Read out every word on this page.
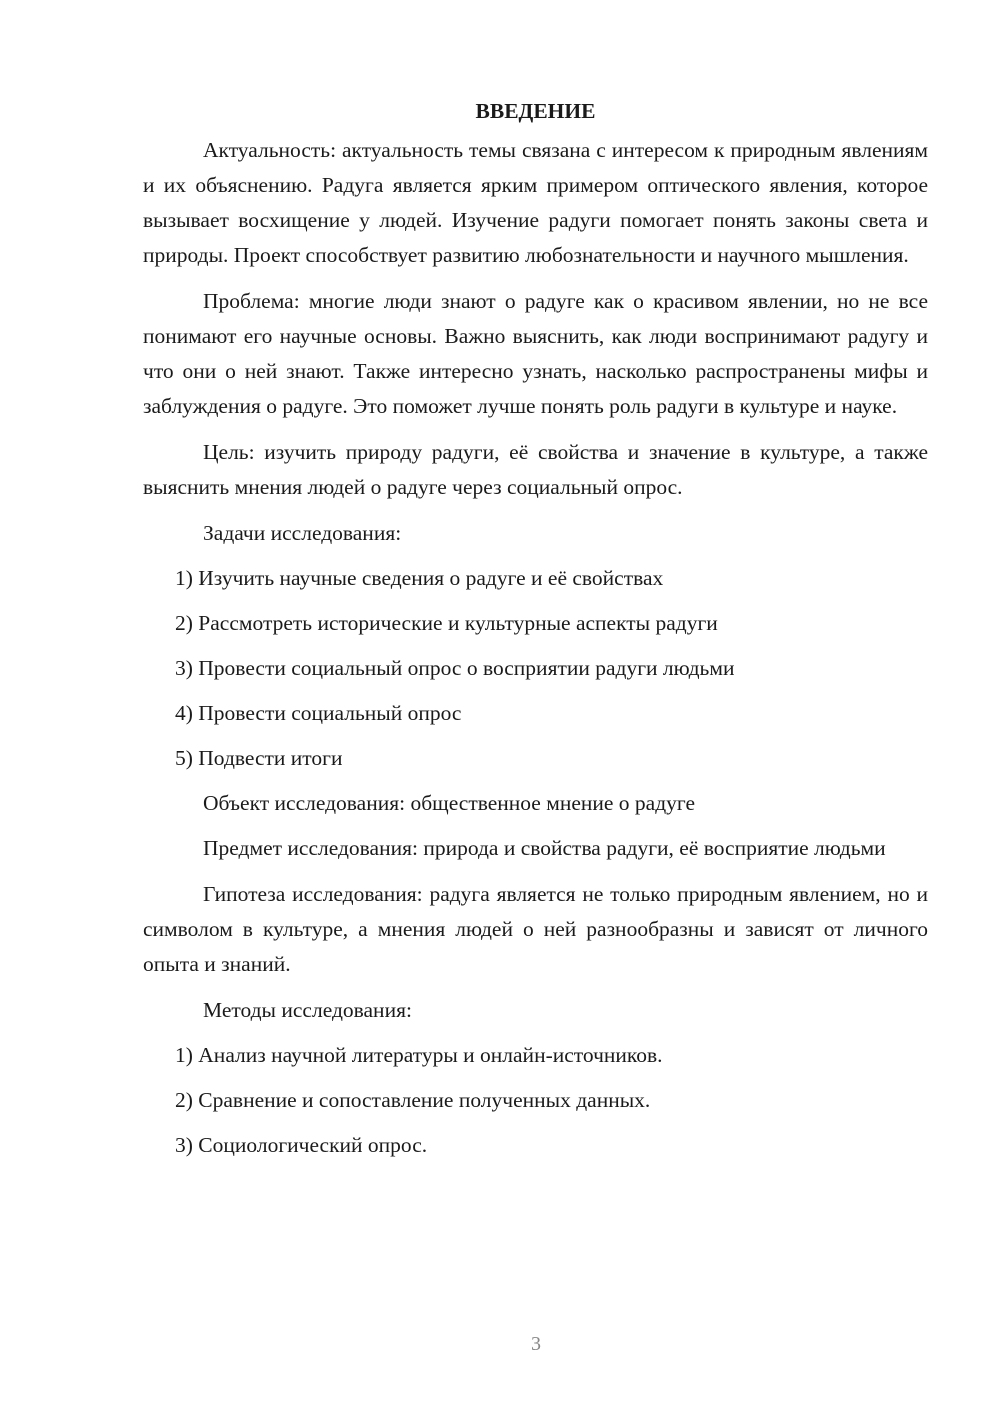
ВВЕДЕНИЕ

Актуальность: актуальность темы связана с интересом к природным явлениям и их объяснению. Радуга является ярким примером оптического явления, которое вызывает восхищение у людей. Изучение радуги помогает понять законы света и природы. Проект способствует развитию любознательности и научного мышления.

Проблема: многие люди знают о радуге как о красивом явлении, но не все понимают его научные основы. Важно выяснить, как люди воспринимают радугу и что они о ней знают. Также интересно узнать, насколько распространены мифы и заблуждения о радуге. Это поможет лучше понять роль радуги в культуре и науке.

Цель: изучить природу радуги, её свойства и значение в культуре, а также выяснить мнения людей о радуге через социальный опрос.

Задачи исследования:
1) Изучить научные сведения о радуге и её свойствах
2) Рассмотреть исторические и культурные аспекты радуги
3) Провести социальный опрос о восприятии радуги людьми
4) Провести социальный опрос
5) Подвести итоги
Объект исследования: общественное мнение о радуге

Предмет исследования: природа и свойства радуги, её восприятие людьми

Гипотеза исследования: радуга является не только природным явлением, но и символом в культуре, а мнения людей о ней разнообразны и зависят от личного опыта и знаний.

Методы исследования:
1) Анализ научной литературы и онлайн-источников.
2) Сравнение и сопоставление полученных данных.
3) Социологический опрос.
3
